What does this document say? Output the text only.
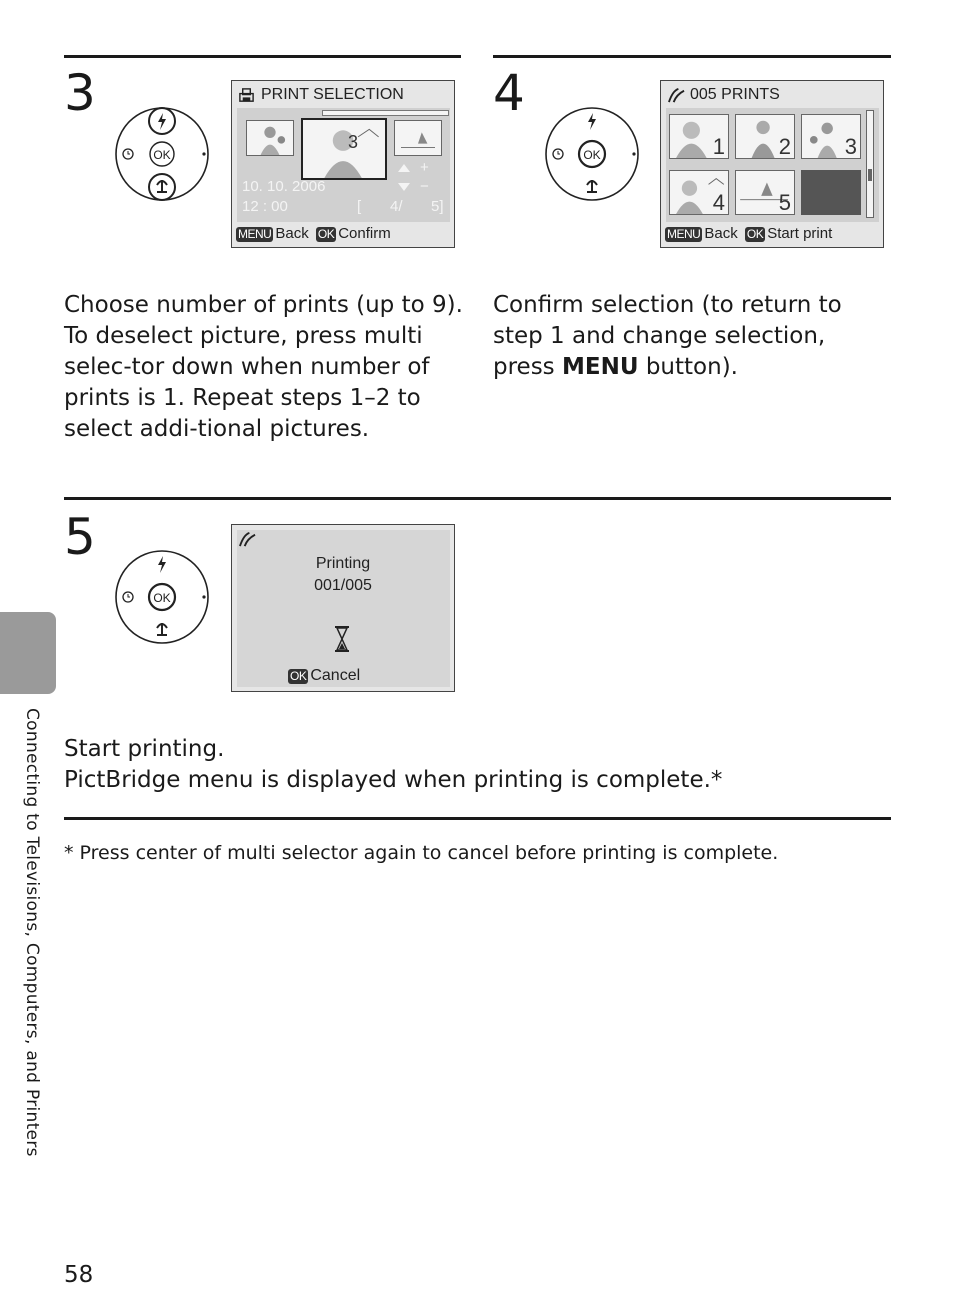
3
OK
PRINT SELECTION
3
+
−
10. 10. 2006
12 : 00	[ 4/ 5]
MENU Back OK Confirm
Choose number of prints (up to 9).
To deselect picture, press multi selec-tor down when number of prints is 1. Repeat steps 1–2 to select addi-tional pictures.
4
OK
005 PRINTS
1 2 3
4 5
MENU Back OK Start print
Confirm selection (to return to step 1 and change selection, press MENU button).
5
OK
Printing
001/005
OK Cancel
Start printing.
PictBridge menu is displayed when printing is complete.*
* Press center of multi selector again to cancel before printing is complete.
Connecting to Televisions, Computers, and Printers
58
